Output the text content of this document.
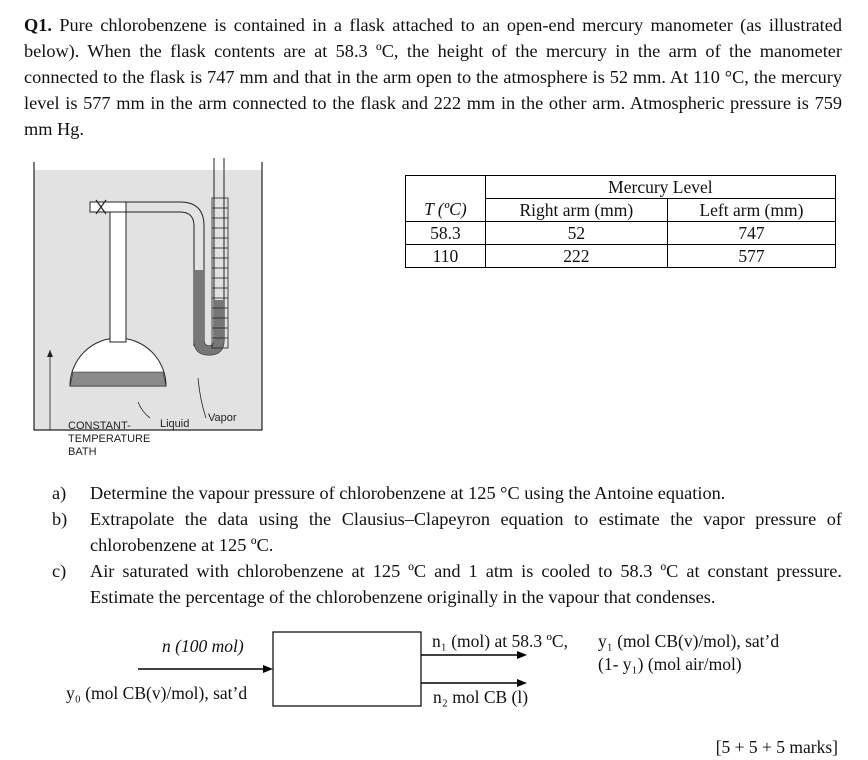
Q1. Pure chlorobenzene is contained in a flask attached to an open-end mercury manometer (as illustrated below). When the flask contents are at 58.3 ºC, the height of the mercury in the arm of the manometer connected to the flask is 747 mm and that in the arm open to the atmosphere is 52 mm. At 110 °C, the mercury level is 577 mm in the arm connected to the flask and 222 mm in the other arm. Atmospheric pressure is 759 mm Hg.
CONSTANT-
TEMPERATURE
BATH
Liquid Vapor
	Mercury Level	
T (ºC)	Right arm (mm)	Left arm (mm)
58.3	52	747
110	222	577
a)	Determine the vapour pressure of chlorobenzene at 125 °C using the Antoine equation.
b)	Extrapolate the data using the Clausius–Clapeyron equation to estimate the vapor pressure of chlorobenzene at 125 ºC.
c)	Air saturated with chlorobenzene at 125 ºC and 1 atm is cooled to 58.3 ºC at constant pressure. Estimate the percentage of the chlorobenzene originally in the vapour that condenses.
n (100 mol)
y₀ (mol CB(v)/mol), sat’d
n₁ (mol) at 58.3 ºC, y₁ (mol CB(v)/mol), sat’d
(1- y₁) (mol air/mol)
n₂ mol CB (l)
[5 + 5 + 5 marks]
